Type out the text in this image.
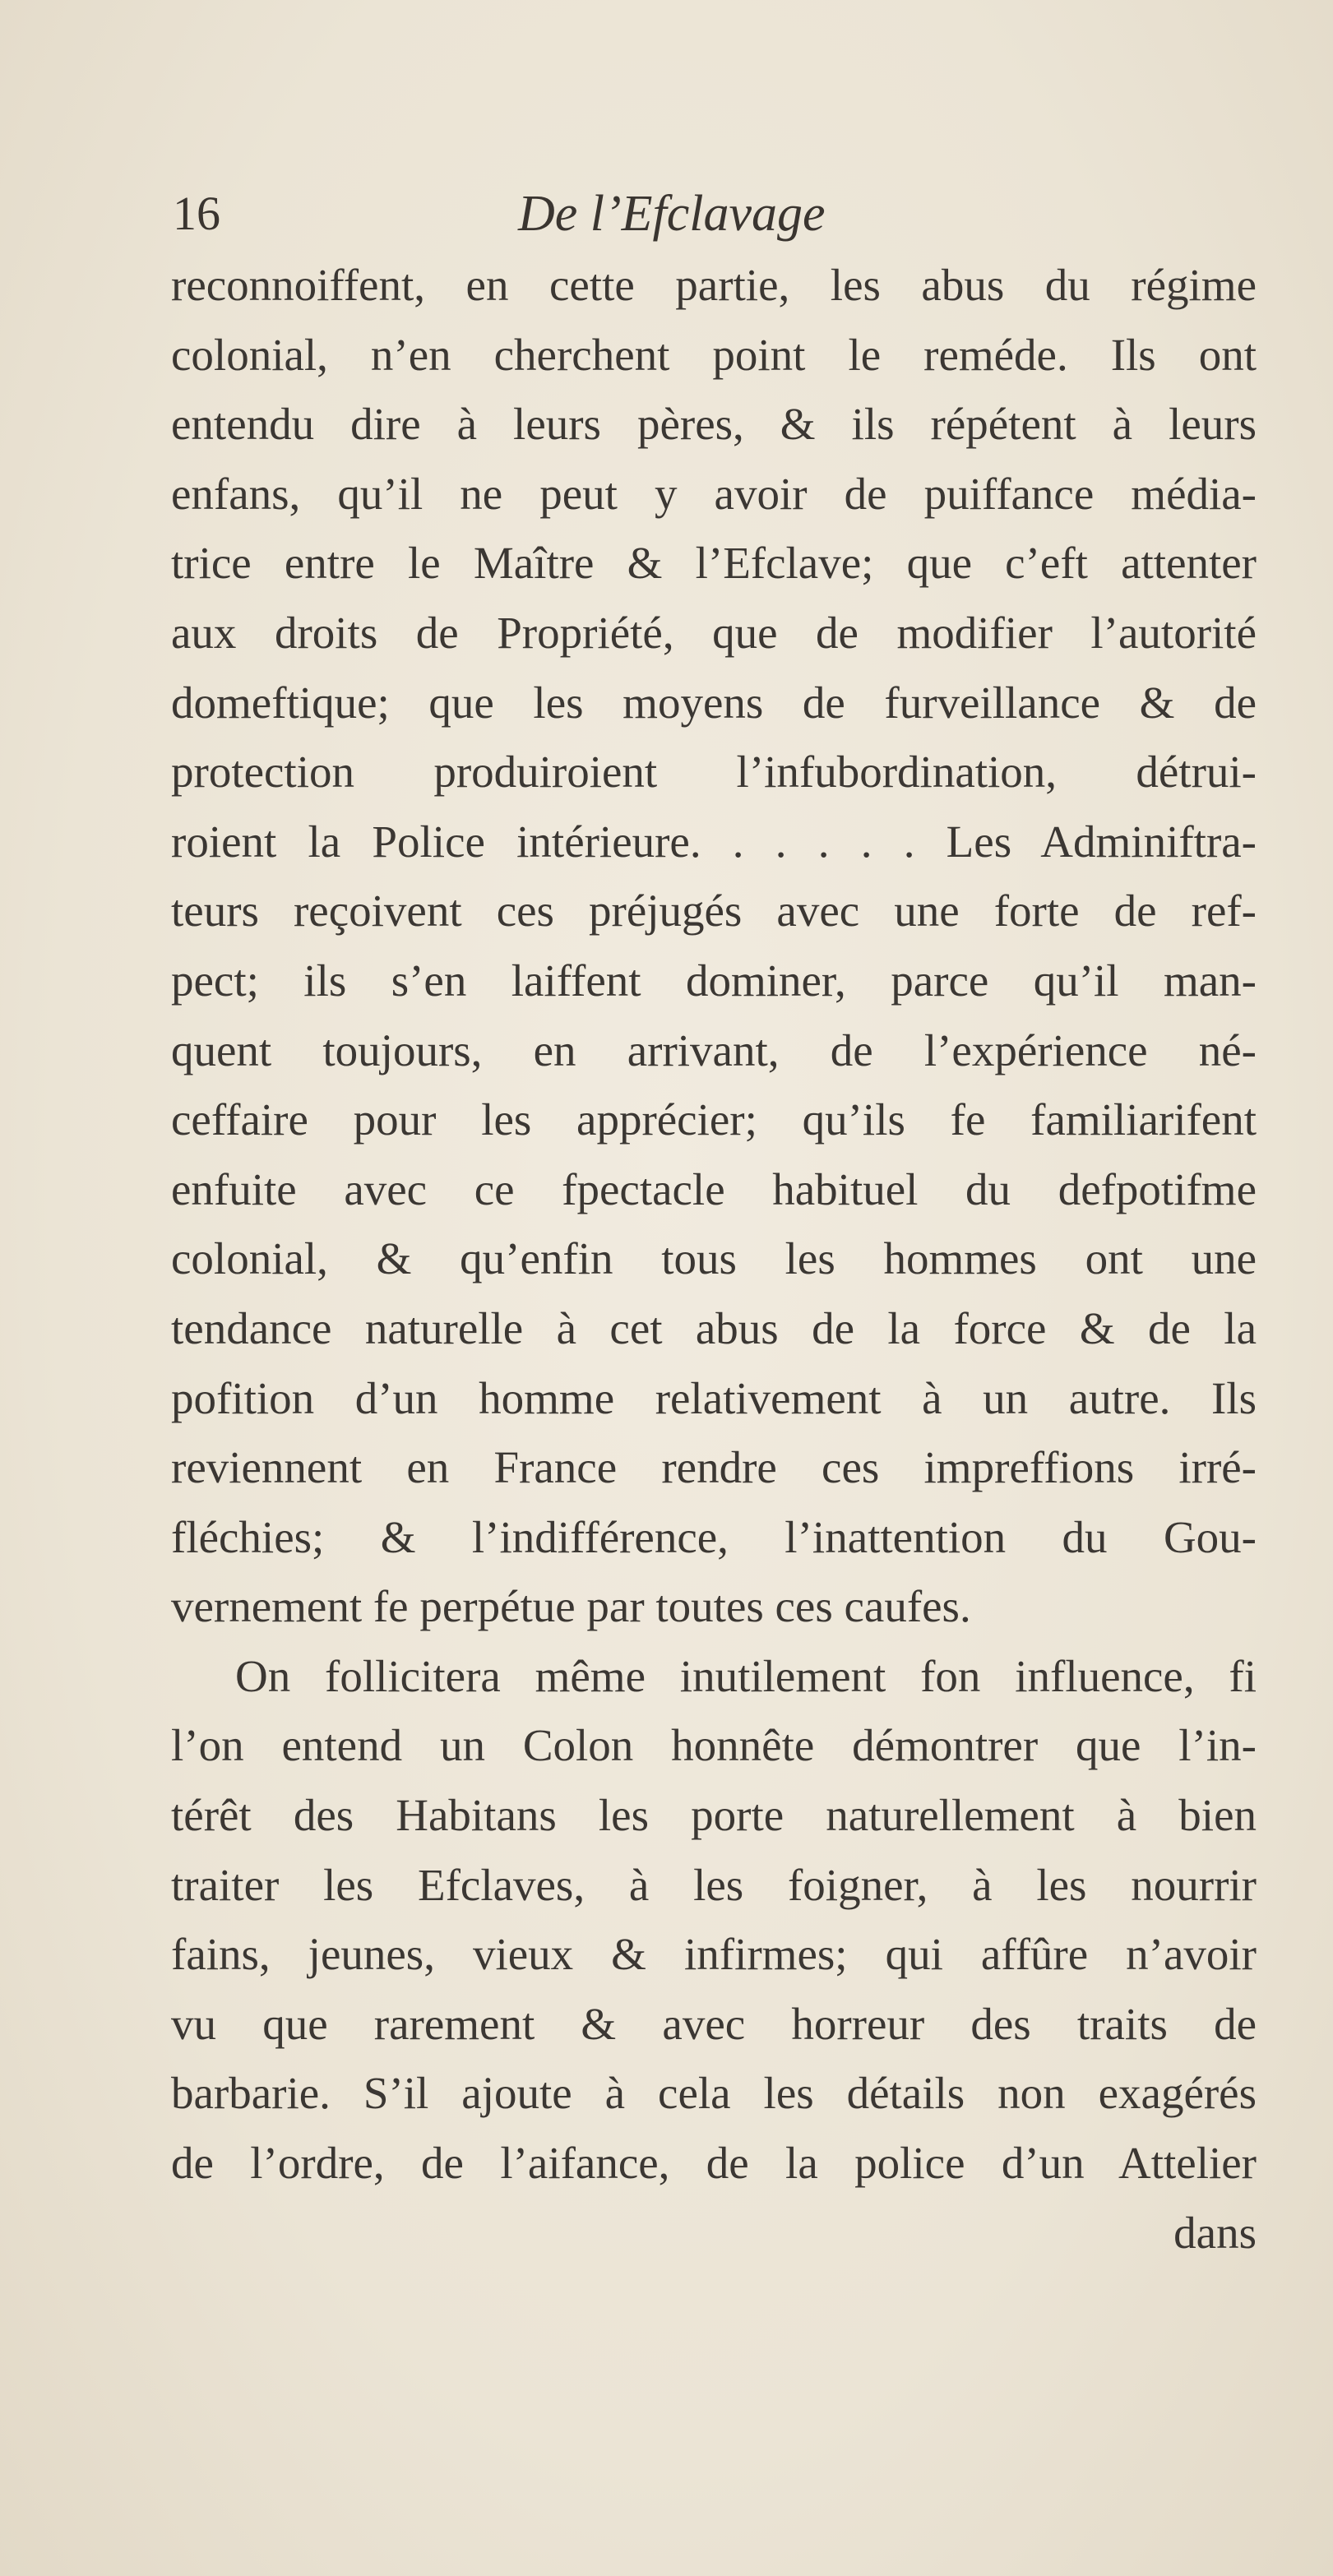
16	De l’Efclavage
reconnoiffent, en cette partie, les abus du régime
colonial, n’en cherchent point le reméde. Ils ont
entendu dire à leurs pères, & ils répétent à leurs
enfans, qu’il ne peut y avoir de puiffance média-
trice entre le Maître & l’Efclave; que c’eft attenter
aux droits de Propriété, que de modifier l’autorité
domeftique; que les moyens de furveillance & de
protection produiroient l’infubordination, détrui-
roient la Police intérieure. . . . . . Les Adminiftra-
teurs reçoivent ces préjugés avec une forte de ref-
pect; ils s’en laiffent dominer, parce qu’il man-
quent toujours, en arrivant, de l’expérience né-
ceffaire pour les apprécier; qu’ils fe familiarifent
enfuite avec ce fpectacle habituel du defpotifme
colonial, & qu’enfin tous les hommes ont une
tendance naturelle à cet abus de la force & de la
pofition d’un homme relativement à un autre. Ils
reviennent en France rendre ces impreffions irré-
fléchies; & l’indifférence, l’inattention du Gou-
vernement fe perpétue par toutes ces caufes.
On follicitera même inutilement fon influence, fi
l’on entend un Colon honnête démontrer que l’in-
térêt des Habitans les porte naturellement à bien
traiter les Efclaves, à les foigner, à les nourrir
fains, jeunes, vieux & infirmes; qui affûre n’avoir
vu que rarement & avec horreur des traits de
barbarie. S’il ajoute à cela les détails non exagérés
de l’ordre, de l’aifance, de la police d’un Attelier
dans
